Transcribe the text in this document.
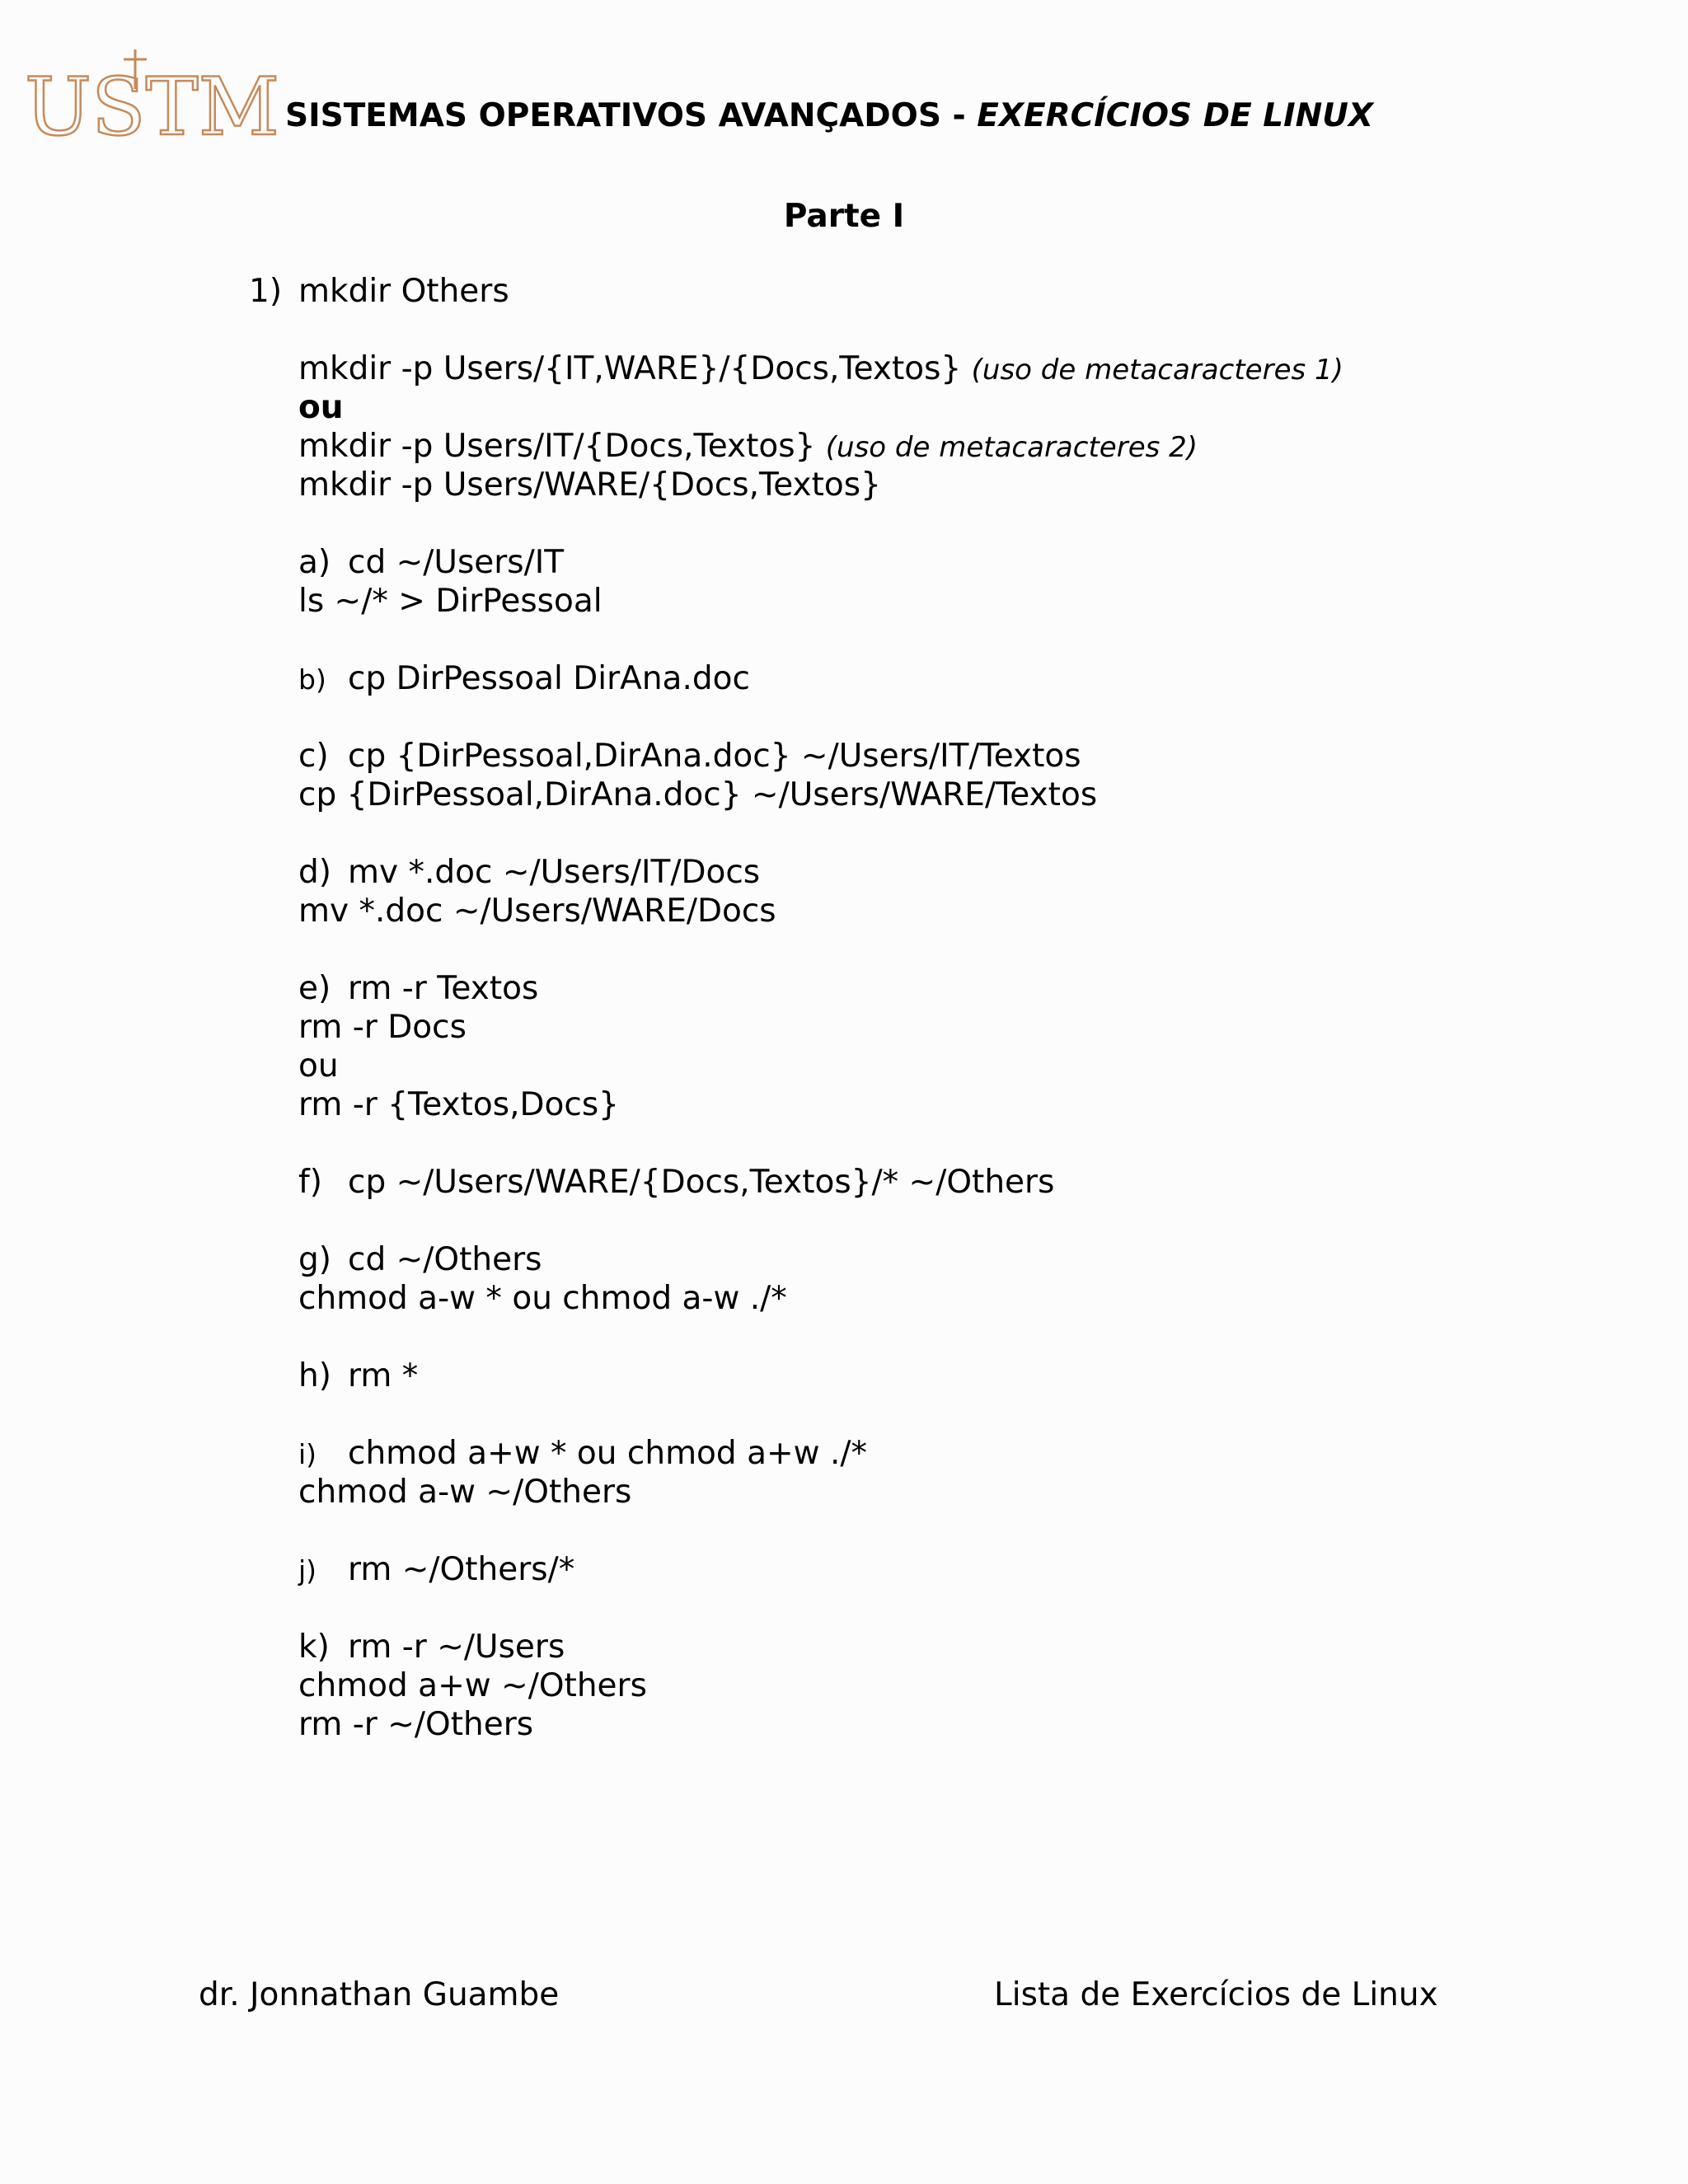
USTM SISTEMAS OPERATIVOS AVANÇADOS - EXERCÍCIOS DE LINUX
Parte I
1) mkdir Others
mkdir -p Users/{IT,WARE}/{Docs,Textos} (uso de metacaracteres 1)
ou
mkdir -p Users/IT/{Docs,Textos} (uso de metacaracteres 2)
mkdir -p Users/WARE/{Docs,Textos}
a) cd ~/Users/IT
ls ~/* > DirPessoal
b) cp DirPessoal DirAna.doc
c) cp {DirPessoal,DirAna.doc} ~/Users/IT/Textos
cp {DirPessoal,DirAna.doc} ~/Users/WARE/Textos
d) mv *.doc ~/Users/IT/Docs
mv *.doc ~/Users/WARE/Docs
e) rm -r Textos
rm -r Docs
ou
rm -r {Textos,Docs}
f) cp ~/Users/WARE/{Docs,Textos}/* ~/Others
g) cd ~/Others
chmod a-w * ou chmod a-w ./*
h) rm *
i) chmod a+w * ou chmod a+w ./*
chmod a-w ~/Others
j) rm ~/Others/*
k) rm -r ~/Users
chmod a+w ~/Others
rm -r ~/Others
dr. Jonnathan Guambe	Lista de Exercícios de Linux
